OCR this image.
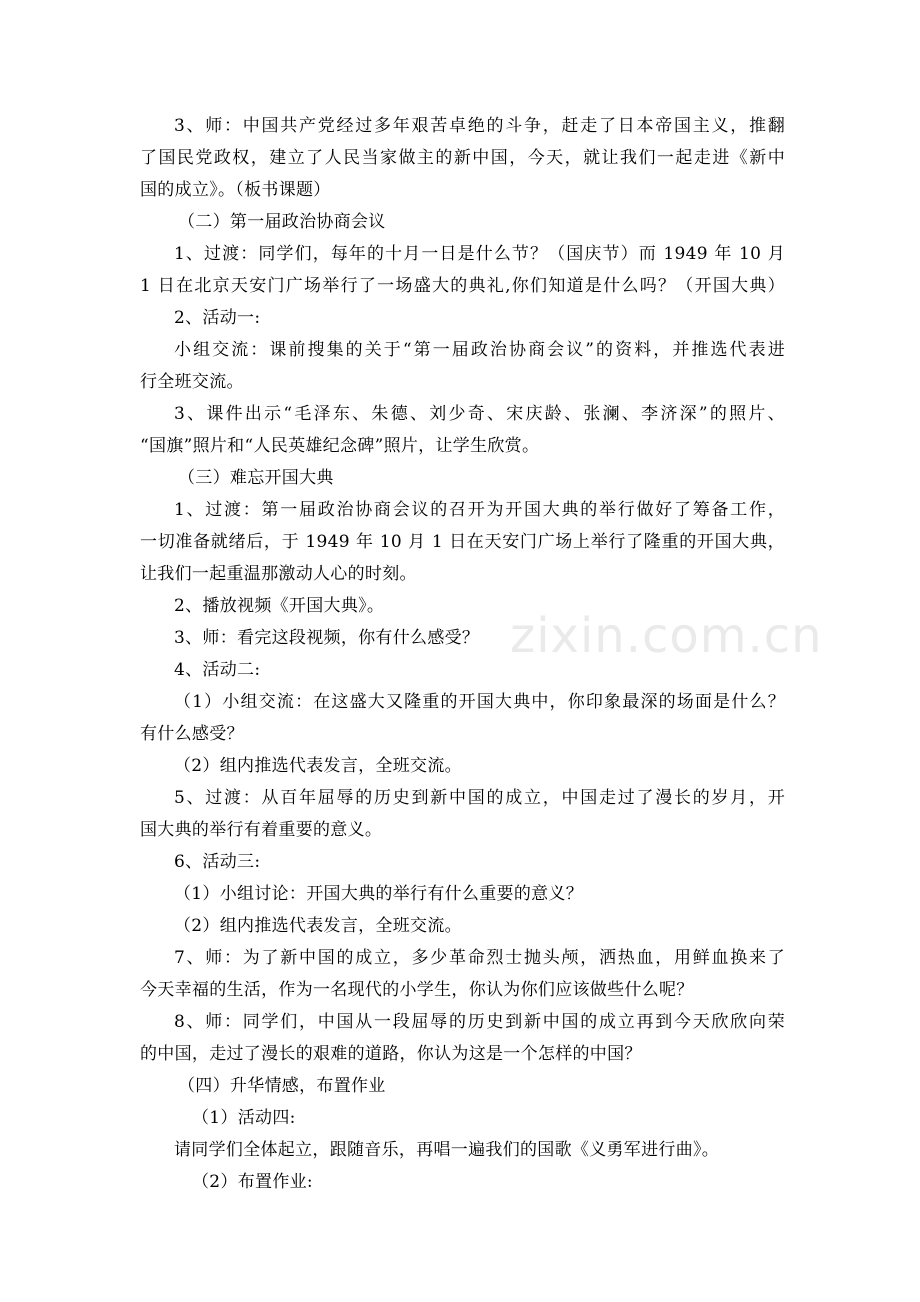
3、师：中国共产党经过多年艰苦卓绝的斗争，赶走了日本帝国主义，推翻
了国民党政权，建立了人民当家做主的新中国，今天，就让我们一起走进《新中
国的成立》。（板书课题）
（二）第一届政治协商会议
1、过渡：同学们，每年的十月一日是什么节？（国庆节）而 1949 年 10 月
1 日在北京天安门广场举行了一场盛大的典礼,你们知道是什么吗？（开国大典）
2、活动一:
小组交流：课前搜集的关于“第一届政治协商会议”的资料，并推选代表进
行全班交流。
3、课件出示“毛泽东、朱德、刘少奇、宋庆龄、张澜、李济深”的照片、
“国旗”照片和“人民英雄纪念碑”照片，让学生欣赏。
（三）难忘开国大典
1、过渡：第一届政治协商会议的召开为开国大典的举行做好了筹备工作，
一切准备就绪后，于 1949 年 10 月 1 日在天安门广场上举行了隆重的开国大典，
让我们一起重温那激动人心的时刻。
2、播放视频《开国大典》。
3、师：看完这段视频，你有什么感受？
4、活动二:
（1）小组交流：在这盛大又隆重的开国大典中，你印象最深的场面是什么？
有什么感受？
（2）组内推选代表发言，全班交流。
5、过渡：从百年屈辱的历史到新中国的成立，中国走过了漫长的岁月，开
国大典的举行有着重要的意义。
6、活动三:
（1）小组讨论：开国大典的举行有什么重要的意义？
（2）组内推选代表发言，全班交流。
7、师：为了新中国的成立，多少革命烈士抛头颅，洒热血，用鲜血换来了
今天幸福的生活，作为一名现代的小学生，你认为你们应该做些什么呢？
8、师：同学们，中国从一段屈辱的历史到新中国的成立再到今天欣欣向荣
的中国，走过了漫长的艰难的道路，你认为这是一个怎样的中国？
（四）升华情感，布置作业
（1）活动四:
请同学们全体起立，跟随音乐，再唱一遍我们的国歌《义勇军进行曲》。
（2）布置作业:
zixin.com.cn
